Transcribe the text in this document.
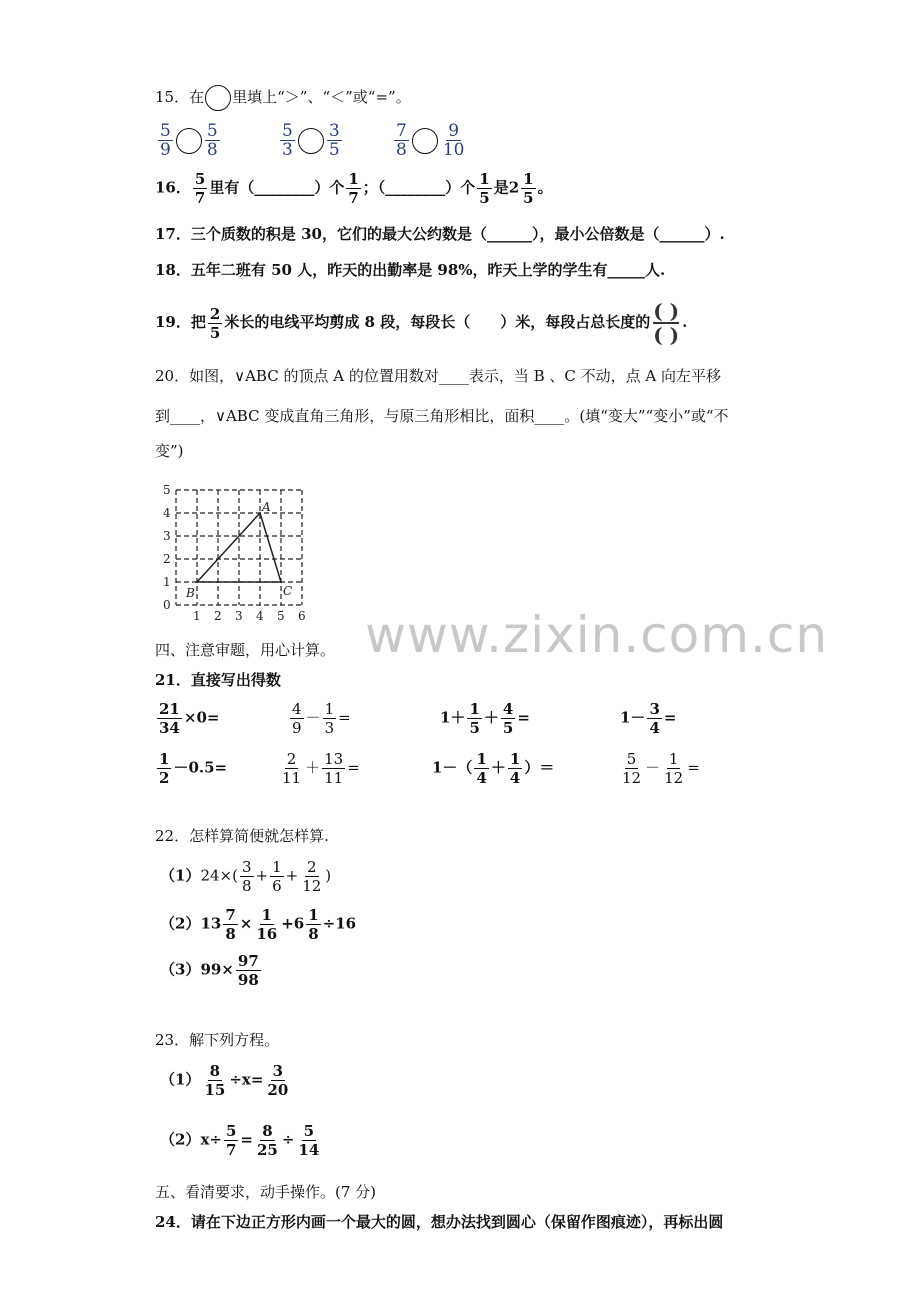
15．在 里填上“＞”、“＜”或“=”。
$\frac{5}{9} \frac{5}{8}$	$\frac{5}{3} \frac{3}{5}$	$\frac{7}{8} \frac{9}{10}$
16． $\frac{5}{7}$ 里有（________）个 $\frac{1}{7}$ ；（________）个 $\frac{1}{5}$ 是$2 \frac{1}{5}$ 。
17．三个质数的积是 30，它们的最大公约数是（______），最小公倍数是（______）.
18．五年二班有 50 人，昨天的出勤率是 98%，昨天上学的学生有_____人.
19．把 $\frac{2}{5}$ 米长的电线平均剪成 8 段，每段长（　　）米，每段占总长度的 ( )
( )
.
20．如图，∨ABC 的顶点 A 的位置用数对____表示，当 B 、C 不动，点 A 向左平移
到____，∨ABC 变成直角三角形，与原三角形相比，面积____。(填“变大”“变小”或“不
变”)
5
4
3
2
1
0
1 2 3 4 5 6
A
B	C
www.zixin.com.cn
四、注意审题，用心计算。
21．直接写出得数
$\frac{21}{34} \times 0=$	$\frac{4}{9} - \frac{1}{3}$ =	$1+ \frac{1}{5} + \frac{4}{5}$ =	$1- \frac{3}{4}$ =
$\frac{1}{2} -0.5=$	$\frac{2}{11} + \frac{13}{11}$ =	$1-( \frac{1}{4} + \frac{1}{4}$ ）＝	$\frac{5}{12} - \frac{1}{12}$ =
22．怎样算简便就怎样算.
$(1)24\times( \frac{3}{8} + \frac{1}{6} + \frac{2}{12}$ )
$(2)13 \frac{7}{8} \times \frac{1}{16} +6 \frac{1}{8} \div 16$
$(3)99\times \frac{97}{98}$
23．解下列方程。
$(1) \frac{8}{15} \div x= \frac{3}{20}$
$(2)x\div \frac{5}{7} = \frac{8}{25} \div \frac{5}{14}$
五、看清要求，动手操作。(7 分)
24．请在下边正方形内画一个最大的圆，想办法找到圆心（保留作图痕迹），再标出圆
